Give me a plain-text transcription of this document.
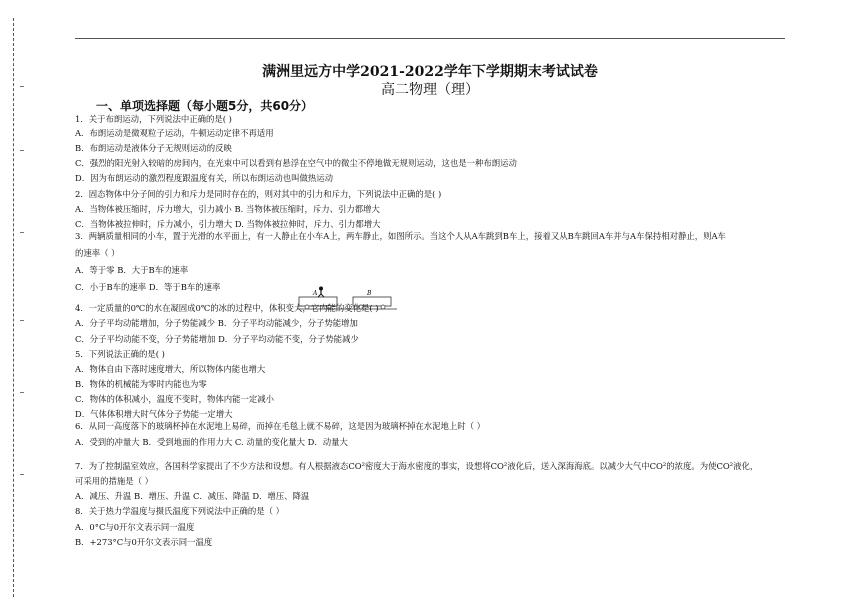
满洲里远方中学2021-2022学年下学期期末考试试卷
高二物理（理）
一、单项选择题（每小题5分，共60分）
1．关于布朗运动，下列说法中正确的是( )
A．布朗运动是微观粒子运动，牛顿运动定律不再适用
B．布朗运动是液体分子无规则运动的反映
C．强烈的阳光射入较暗的房间内，在光束中可以看到有悬浮在空气中的微尘不停地做无规则运动，这也是一种布朗运动
D．因为布朗运动的激烈程度跟温度有关，所以布朗运动也叫做热运动
2．固态物体中分子间的引力和斥力是同时存在的，则对其中的引力和斥力，下列说法中正确的是( )
A．当物体被压缩时，斥力增大，引力减小 B. 当物体被压缩时，斥力、引力都增大
C．当物体被拉伸时，斥力减小，引力增大 D. 当物体被拉伸时，斥力、引力都增大
3．两辆质量相同的小车，置于光滑的水平面上，有一人静止在小车A上，两车静止，如图所示。当这个人从A车跳到B车上，接着又从B车跳回A车并与A车保持相对静止，则A车
的速率（ ）
A．等于零 B．大于B车的速率
C．小于B车的速率 D．等于B车的速率
A	B
4．一定质量的0℃的水在凝固成0℃的冰的过程中，体积变大，它内能的变化是( )
A．分子平均动能增加，分子势能减少 B．分子平均动能减少，分子势能增加
C．分子平均动能不变，分子势能增加 D．分子平均动能不变，分子势能减少
5．下列说法正确的是( )
A．物体自由下落时速度增大，所以物体内能也增大
B．物体的机械能为零时内能也为零
C．物体的体积减小，温度不变时，物体内能一定减小
D．气体体积增大时气体分子势能一定增大
6．从同一高度落下的玻璃杯掉在水泥地上易碎，而掉在毛毯上就不易碎，这是因为玻璃杯掉在水泥地上时（ ）
A．受到的冲量大 B．受到地面的作用力大 C. 动量的变化量大 D．动量大
7．为了控制温室效应，各国科学家提出了不少方法和设想。有人根据液态CO²密度大于海水密度的事实，设想将CO²液化后，送入深海海底。以减少大气中CO²的浓度。为使CO²液化，
可采用的措施是（ ）
A．减压、升温 B．增压、升温 C．减压、降温 D．增压、降温
8．关于热力学温度与摄氏温度下列说法中正确的是（ ）
A．0°C与0开尔文表示同一温度
B．+273°C与0开尔文表示同一温度
